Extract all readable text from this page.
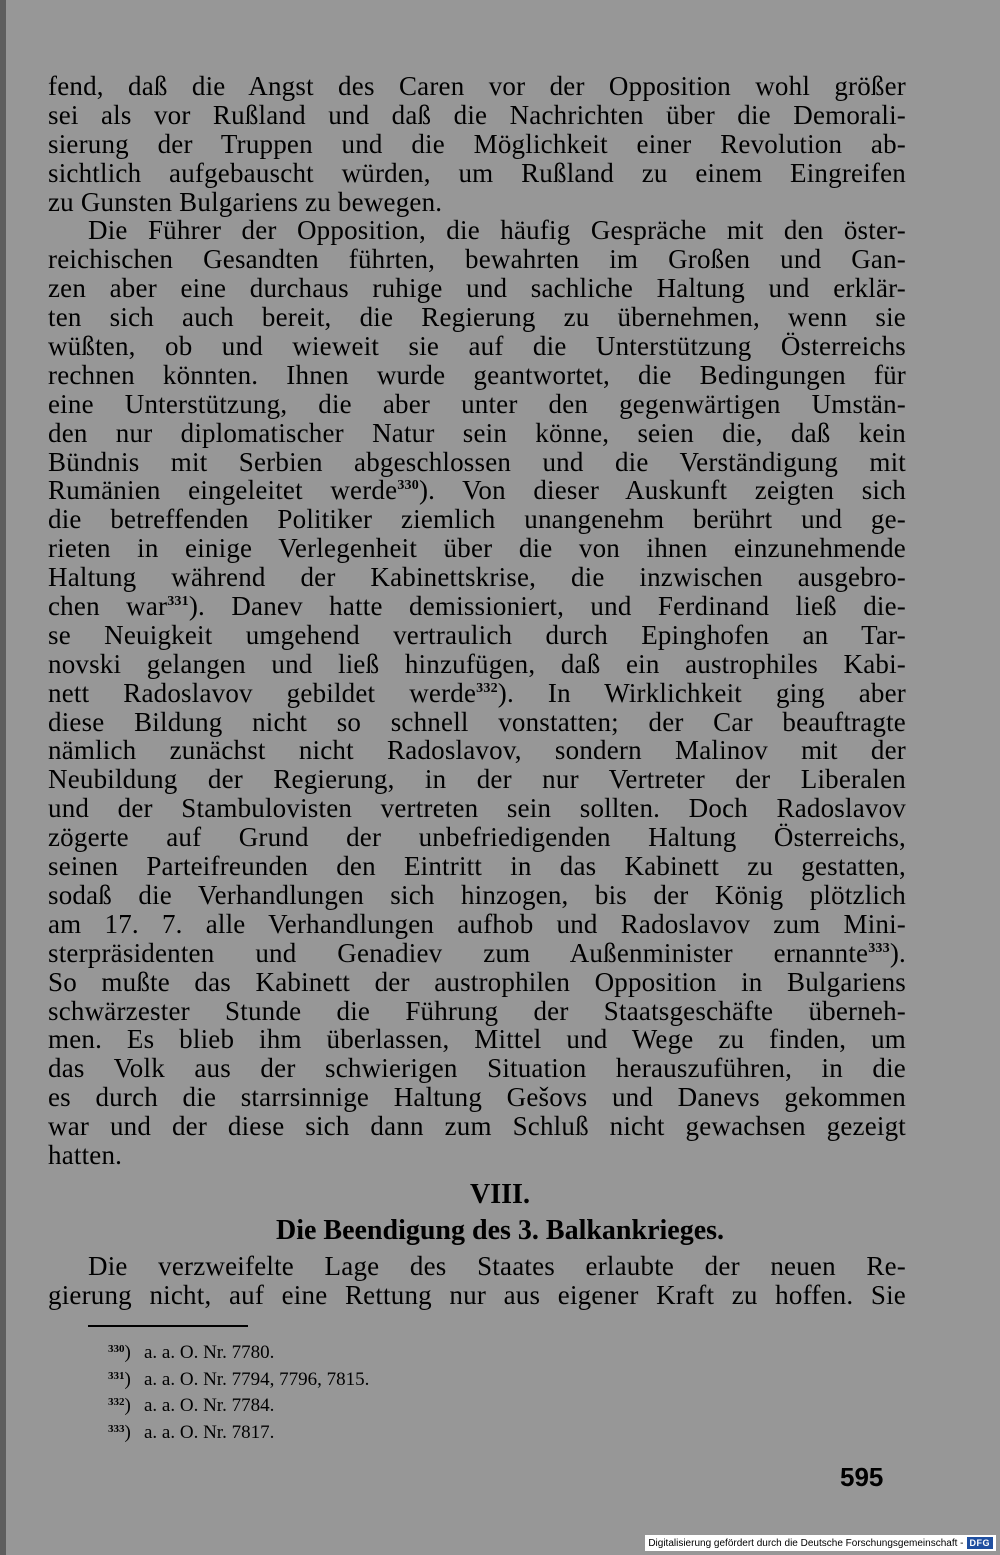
fend, daß die Angst des Caren vor der Opposition wohl größer
sei als vor Rußland und daß die Nachrichten über die Demorali-
sierung der Truppen und die Möglichkeit einer Revolution ab-
sichtlich aufgebauscht würden, um Rußland zu einem Eingreifen
zu Gunsten Bulgariens zu bewegen.
Die Führer der Opposition, die häufig Gespräche mit den öster-
reichischen Gesandten führten, bewahrten im Großen und Gan-
zen aber eine durchaus ruhige und sachliche Haltung und erklär-
ten sich auch bereit, die Regierung zu übernehmen, wenn sie
wüßten, ob und wieweit sie auf die Unterstützung Österreichs
rechnen könnten. Ihnen wurde geantwortet, die Bedingungen für
eine Unterstützung, die aber unter den gegenwärtigen Umstän-
den nur diplomatischer Natur sein könne, seien die, daß kein
Bündnis mit Serbien abgeschlossen und die Verständigung mit
Rumänien eingeleitet werde$^{330}$). Von dieser Auskunft zeigten sich
die betreffenden Politiker ziemlich unangenehm berührt und ge-
rieten in einige Verlegenheit über die von ihnen einzunehmende
Haltung während der Kabinettskrise, die inzwischen ausgebro-
chen war$^{331}$). Danev hatte demissioniert, und Ferdinand ließ die-
se Neuigkeit umgehend vertraulich durch Epinghofen an Tar-
novski gelangen und ließ hinzufügen, daß ein austrophiles Kabi-
nett Radoslavov gebildet werde$^{332}$). In Wirklichkeit ging aber
diese Bildung nicht so schnell vonstatten; der Car beauftragte
nämlich zunächst nicht Radoslavov, sondern Malinov mit der
Neubildung der Regierung, in der nur Vertreter der Liberalen
und der Stambulovisten vertreten sein sollten. Doch Radoslavov
zögerte auf Grund der unbefriedigenden Haltung Österreichs,
seinen Parteifreunden den Eintritt in das Kabinett zu gestatten,
sodaß die Verhandlungen sich hinzogen, bis der König plötzlich
am 17. 7. alle Verhandlungen aufhob und Radoslavov zum Mini-
sterpräsidenten und Genadiev zum Außenminister ernannte$^{333}$).
So mußte das Kabinett der austrophilen Opposition in Bulgariens
schwärzester Stunde die Führung der Staatsgeschäfte überneh-
men. Es blieb ihm überlassen, Mittel und Wege zu finden, um
das Volk aus der schwierigen Situation herauszuführen, in die
es durch die starrsinnige Haltung Gešovs und Danevs gekommen
war und der diese sich dann zum Schluß nicht gewachsen gezeigt
hatten.
VIII.
Die Beendigung des 3. Balkankrieges.
Die verzweifelte Lage des Staates erlaubte der neuen Re-
gierung nicht, auf eine Rettung nur aus eigener Kraft zu hoffen. Sie
$^{330}$) a. a. O. Nr. 7780.
$^{331}$) a. a. O. Nr. 7794, 7796, 7815.
$^{332}$) a. a. O. Nr. 7784.
$^{333}$) a. a. O. Nr. 7817.
595
Digitalisierung gefördert durch die Deutsche Forschungsgemeinschaft - DFG
